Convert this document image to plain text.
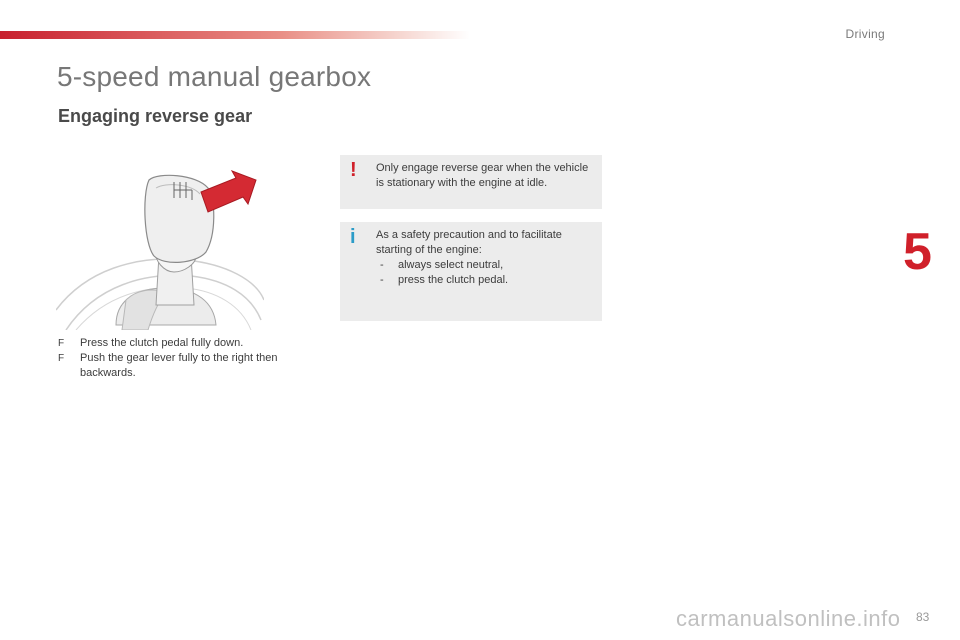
Driving
5-speed manual gearbox
Engaging reverse gear
F Press the clutch pedal fully down.
F Push the gear lever fully to the right then backwards.
! Only engage reverse gear when the vehicle is stationary with the engine at idle.
i As a safety precaution and to facilitate starting of the engine:
- always select neutral,
- press the clutch pedal.	5
carmanualsonline.info 83
